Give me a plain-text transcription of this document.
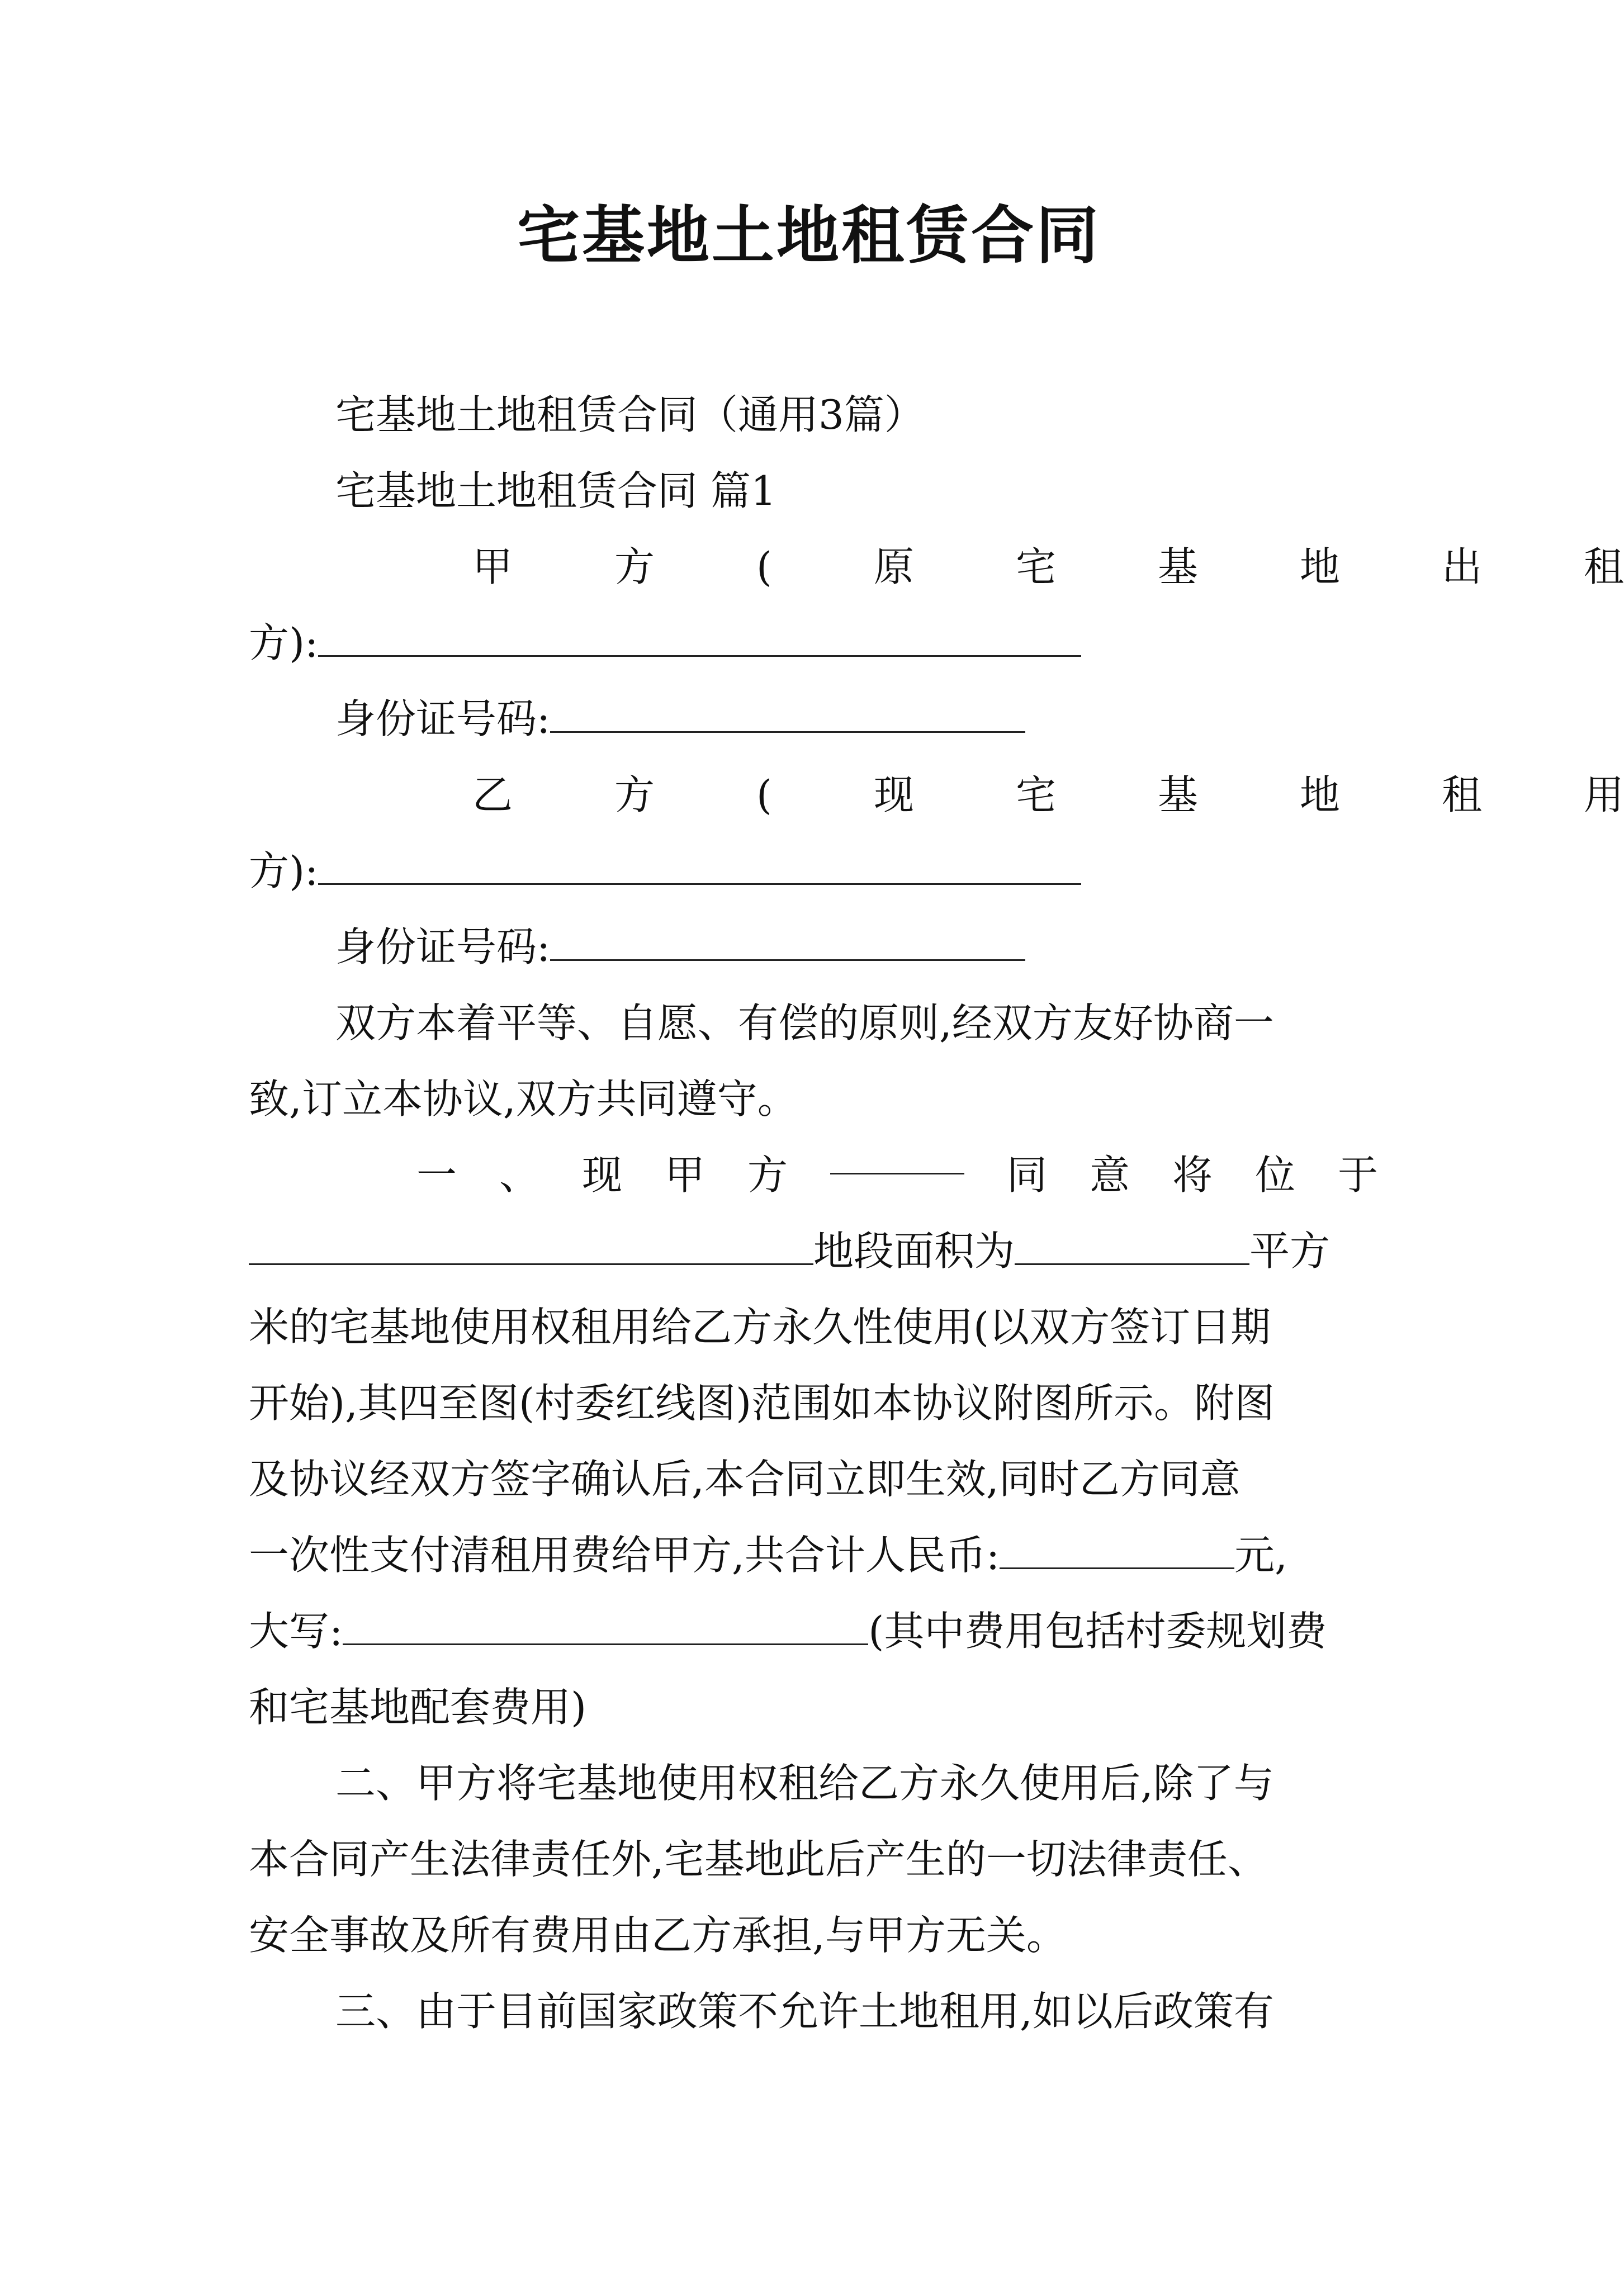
宅基地土地租赁合同
宅基地土地租赁合同（通用3篇）
宅基地土地租赁合同 篇1
甲	方	(	原	宅	基	地	出	租
方):
身份证号码:
乙	方	(	现	宅	基	地	租	用
方):
身份证号码:
双方本着平等、自愿、有偿的原则,经双方友好协商一
致,订立本协议,双方共同遵守。
一 、 现 甲 方	同 意 将 位 于
地段面积为	平方
米的宅基地使用权租用给乙方永久性使用(以双方签订日期
开始),其四至图(村委红线图)范围如本协议附图所示。附图
及协议经双方签字确认后,本合同立即生效,同时乙方同意
一次性支付清租用费给甲方,共合计人民币:	元,
大写:	(其中费用包括村委规划费
和宅基地配套费用)
二、甲方将宅基地使用权租给乙方永久使用后,除了与
本合同产生法律责任外,宅基地此后产生的一切法律责任、
安全事故及所有费用由乙方承担,与甲方无关。
三、由于目前国家政策不允许土地租用,如以后政策有
